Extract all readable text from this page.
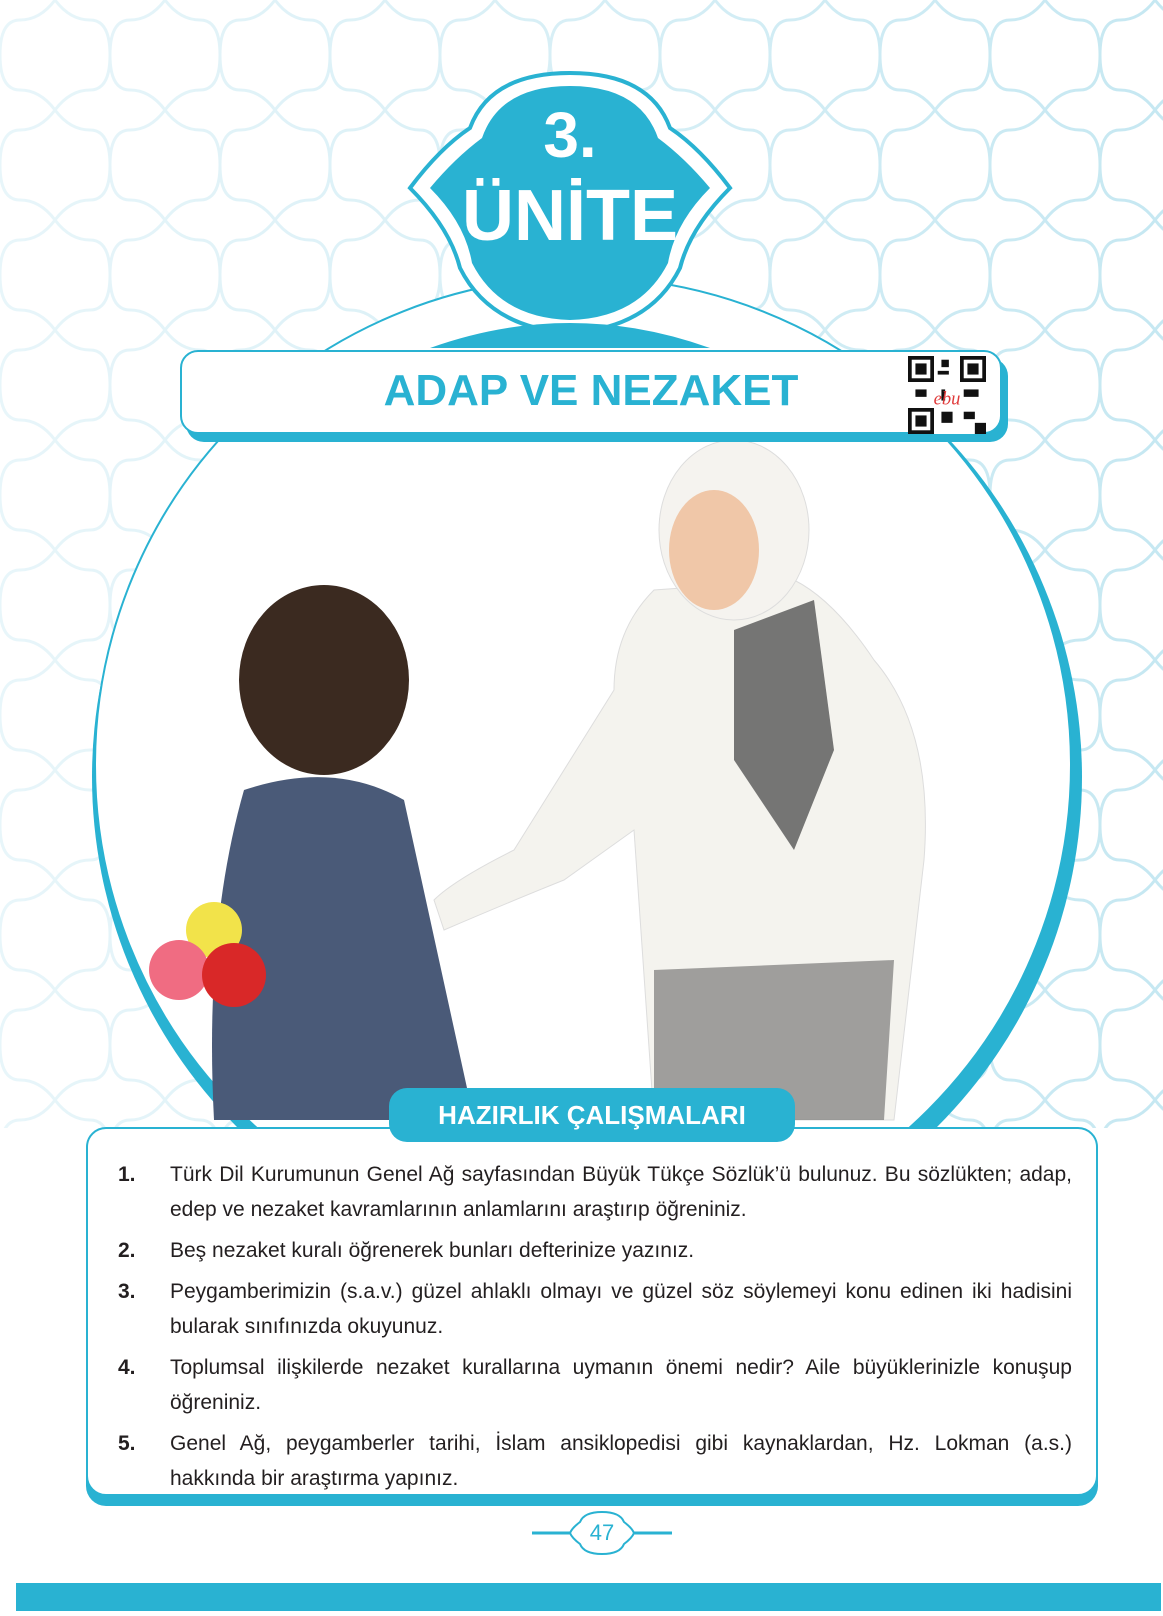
3.
ÜNİTE
ADAP VE NEZAKET	ebu
HAZIRLIK ÇALIŞMALARI
1.	Türk Dil Kurumunun Genel Ağ sayfasından Büyük Tükçe Sözlük’ü bulunuz. Bu sözlükten; adap, edep ve nezaket kavramlarının anlamlarını araştırıp öğreniniz.
2.	Beş nezaket kuralı öğrenerek bunları defterinize yazınız.
3.	Peygamberimizin (s.a.v.) güzel ahlaklı olmayı ve güzel söz söylemeyi konu edinen iki hadisini bularak sınıfınızda okuyunuz.
4.	Toplumsal ilişkilerde nezaket kurallarına uymanın önemi nedir? Aile büyüklerinizle konuşup öğreniniz.
5.	Genel Ağ, peygamberler tarihi, İslam ansiklopedisi gibi kaynaklardan, Hz. Lokman (a.s.) hakkında bir araştırma yapınız.
47
